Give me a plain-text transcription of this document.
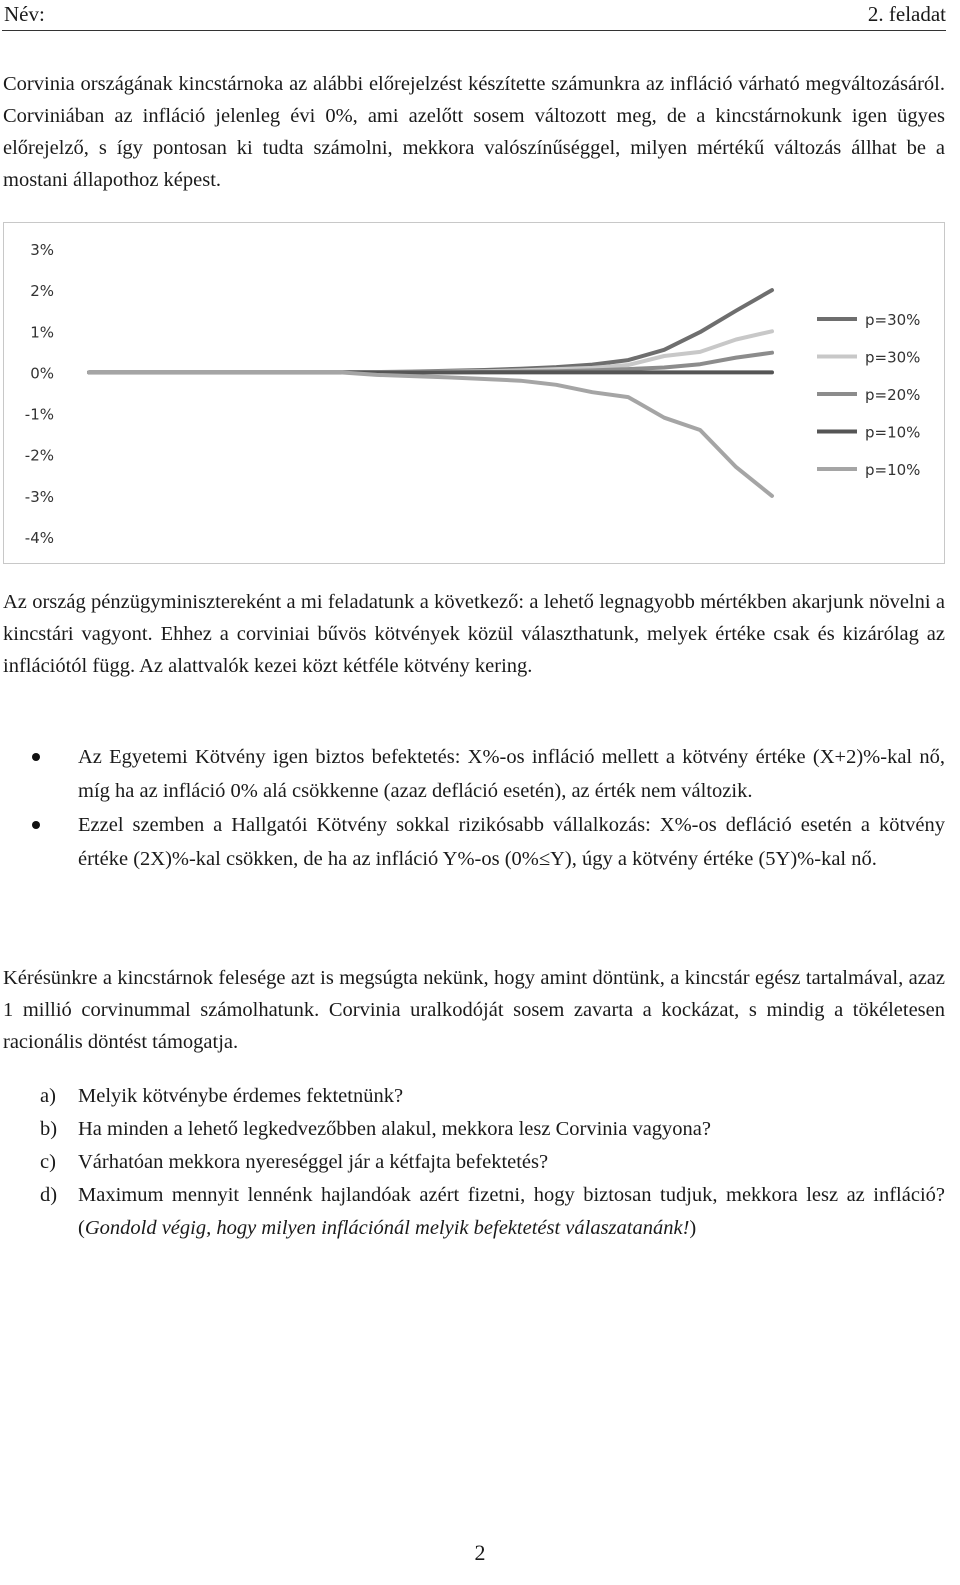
Név:	2. feladat

Corvinia országának kincstárnoka az alábbi előrejelzést készítette számunkra az infláció várható megváltozásáról. Corviniában az infláció jelenleg évi 0%, ami azelőtt sosem változott meg, de a kincstárnokunk igen ügyes előrejelző, s így pontosan ki tudta számolni, mekkora valószínűséggel, milyen mértékű változás állhat be a mostani állapothoz képest.

3%
2%
1%
0%
-1%
-2%
-3%
-4%
p=30%
p=30%
p=20%
p=10%
p=10%

Az ország pénzügyminisztereként a mi feladatunk a következő: a lehető legnagyobb mértékben akarjunk növelni a kincstári vagyont. Ehhez a corviniai bűvös kötvények közül választhatunk, melyek értéke csak és kizárólag az inflációtól függ. Az alattvalók kezei közt kétféle kötvény kering.

Az Egyetemi Kötvény igen biztos befektetés: X%-os infláció mellett a kötvény értéke (X+2)%-kal nő, míg ha az infláció 0% alá csökkenne (azaz defláció esetén), az érték nem változik.
Ezzel szemben a Hallgatói Kötvény sokkal rizikósabb vállalkozás: X%-os defláció esetén a kötvény értéke (2X)%-kal csökken, de ha az infláció Y%-os (0%≤Y), úgy a kötvény értéke (5Y)%-kal nő.

Kérésünkre a kincstárnok felesége azt is megsúgta nekünk, hogy amint döntünk, a kincstár egész tartalmával, azaz 1 millió corvinummal számolhatunk. Corvinia uralkodóját sosem zavarta a kockázat, s mindig a tökéletesen racionális döntést támogatja.

a) Melyik kötvénybe érdemes fektetnünk?
b) Ha minden a lehető legkedvezőbben alakul, mekkora lesz Corvinia vagyona?
c) Várhatóan mekkora nyereséggel jár a kétfajta befektetés?
d) Maximum mennyit lennénk hajlandóak azért fizetni, hogy biztosan tudjuk, mekkora lesz az infláció? (Gondold végig, hogy milyen inflációnál melyik befektetést válaszatanánk!)
2
